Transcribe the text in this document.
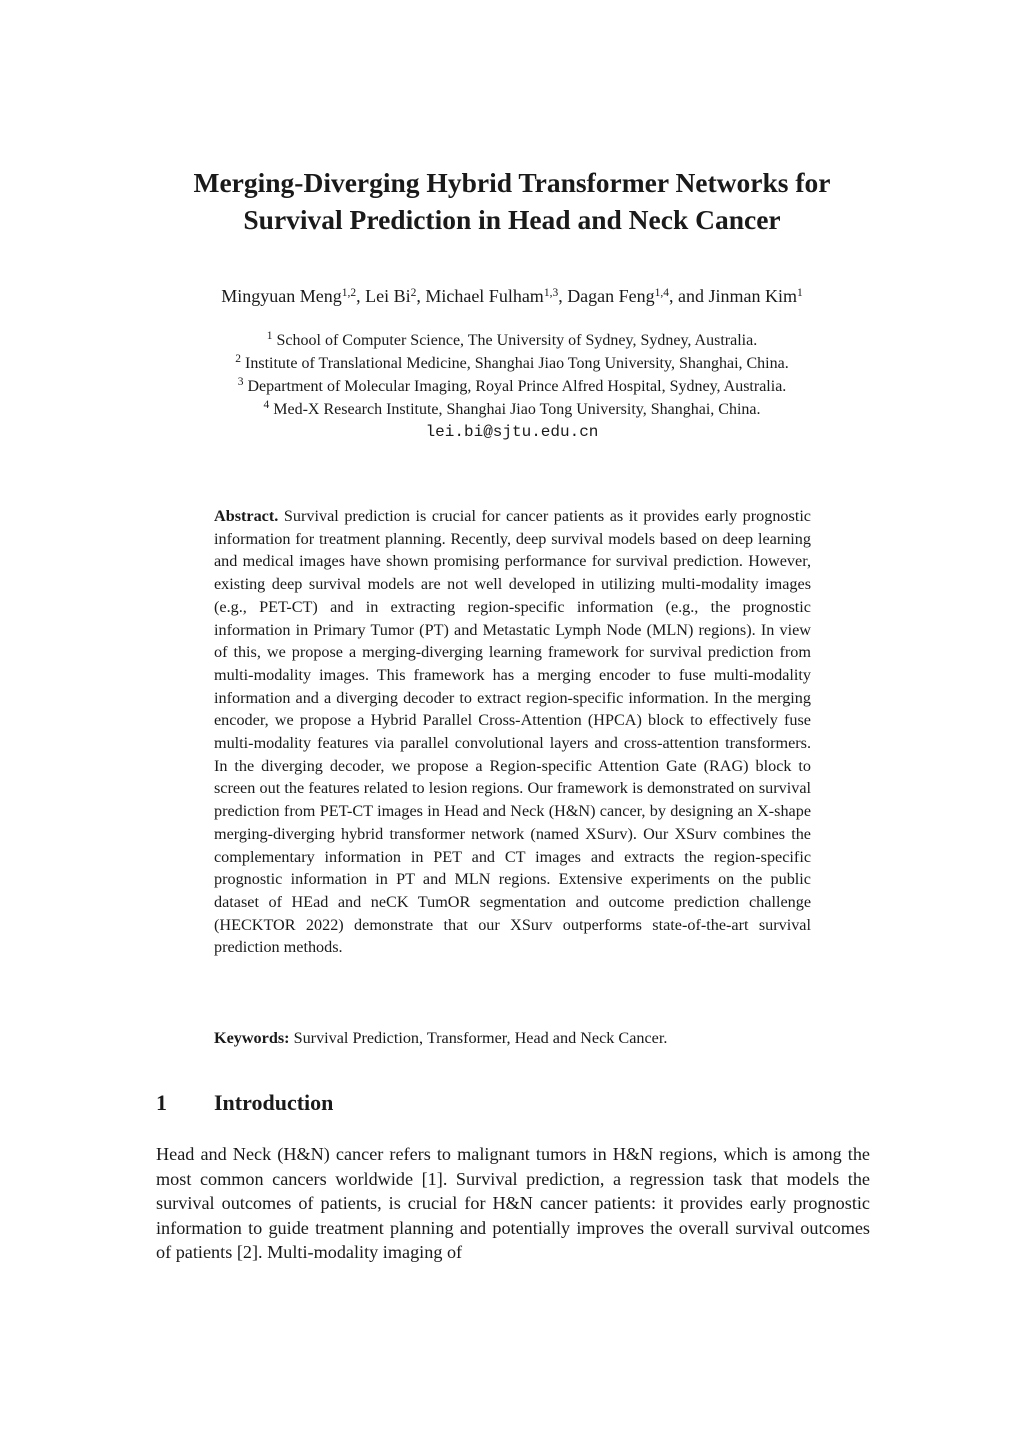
Merging-Diverging Hybrid Transformer Networks for
Survival Prediction in Head and Neck Cancer
Mingyuan Meng$^{1,2}$, Lei Bi$^2$, Michael Fulham$^{1,3}$, Dagan Feng$^{1,4}$, and Jinman Kim$^1$
$^1$ School of Computer Science, The University of Sydney, Sydney, Australia.
$^2$ Institute of Translational Medicine, Shanghai Jiao Tong University, Shanghai, China.
$^3$ Department of Molecular Imaging, Royal Prince Alfred Hospital, Sydney, Australia.
$^4$ Med-X Research Institute, Shanghai Jiao Tong University, Shanghai, China.
lei.bi@sjtu.edu.cn
Abstract. Survival prediction is crucial for cancer patients as it provides early prognostic information for treatment planning. Recently, deep survival models based on deep learning and medical images have shown promising performance for survival prediction. However, existing deep survival models are not well developed in utilizing multi-modality images (e.g., PET-CT) and in extracting region-specific information (e.g., the prognostic information in Primary Tumor (PT) and Metastatic Lymph Node (MLN) regions). In view of this, we propose a merging-diverging learning framework for survival prediction from multi-modality images. This framework has a merging encoder to fuse multi-modality information and a diverging decoder to extract region-specific information. In the merging encoder, we propose a Hybrid Parallel Cross-Attention (HPCA) block to effectively fuse multi-modality features via parallel convolutional layers and cross-attention transformers. In the diverging decoder, we propose a Region-specific Attention Gate (RAG) block to screen out the features related to lesion regions. Our framework is demonstrated on survival prediction from PET-CT images in Head and Neck (H&N) cancer, by designing an X-shape merging-diverging hybrid transformer network (named XSurv). Our XSurv combines the complementary information in PET and CT images and extracts the region-specific prognostic information in PT and MLN regions. Extensive experiments on the public dataset of HEad and neCK TumOR segmentation and outcome prediction challenge (HECKTOR 2022) demonstrate that our XSurv outperforms state-of-the-art survival prediction methods.
Keywords: Survival Prediction, Transformer, Head and Neck Cancer.
1 Introduction

Head and Neck (H&N) cancer refers to malignant tumors in H&N regions, which is among the most common cancers worldwide [1]. Survival prediction, a regression task that models the survival outcomes of patients, is crucial for H&N cancer patients: it provides early prognostic information to guide treatment planning and potentially improves the overall survival outcomes of patients [2]. Multi-modality imaging of
